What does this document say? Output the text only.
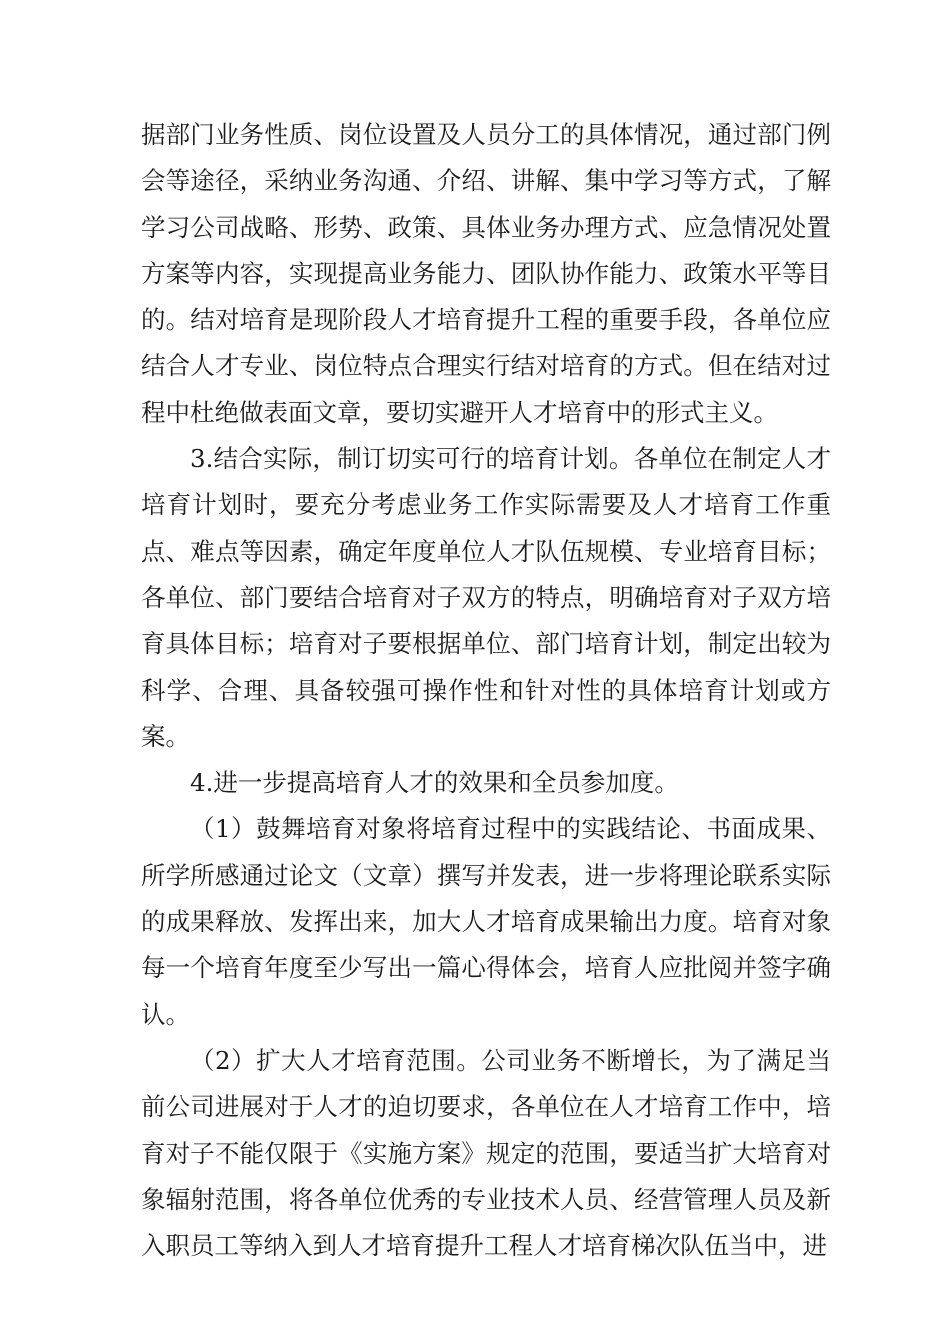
据部门业务性质、岗位设置及人员分工的具体情况，通过部门例会等途径，采纳业务沟通、介绍、讲解、集中学习等方式，了解学习公司战略、形势、政策、具体业务办理方式、应急情况处置方案等内容，实现提高业务能力、团队协作能力、政策水平等目的。结对培育是现阶段人才培育提升工程的重要手段，各单位应结合人才专业、岗位特点合理实行结对培育的方式。但在结对过程中杜绝做表面文章，要切实避开人才培育中的形式主义。

3.结合实际，制订切实可行的培育计划。各单位在制定人才培育计划时，要充分考虑业务工作实际需要及人才培育工作重点、难点等因素，确定年度单位人才队伍规模、专业培育目标；各单位、部门要结合培育对子双方的特点，明确培育对子双方培育具体目标；培育对子要根据单位、部门培育计划，制定出较为科学、合理、具备较强可操作性和针对性的具体培育计划或方案。

4.进一步提高培育人才的效果和全员参加度。

（1）鼓舞培育对象将培育过程中的实践结论、书面成果、所学所感通过论文（文章）撰写并发表，进一步将理论联系实际的成果释放、发挥出来，加大人才培育成果输出力度。培育对象每一个培育年度至少写出一篇心得体会，培育人应批阅并签字确认。

（2）扩大人才培育范围。公司业务不断增长，为了满足当前公司进展对于人才的迫切要求，各单位在人才培育工作中，培育对子不能仅限于《实施方案》规定的范围，要适当扩大培育对象辐射范围，将各单位优秀的专业技术人员、经营管理人员及新入职员工等纳入到人才培育提升工程人才培育梯次队伍当中，进
